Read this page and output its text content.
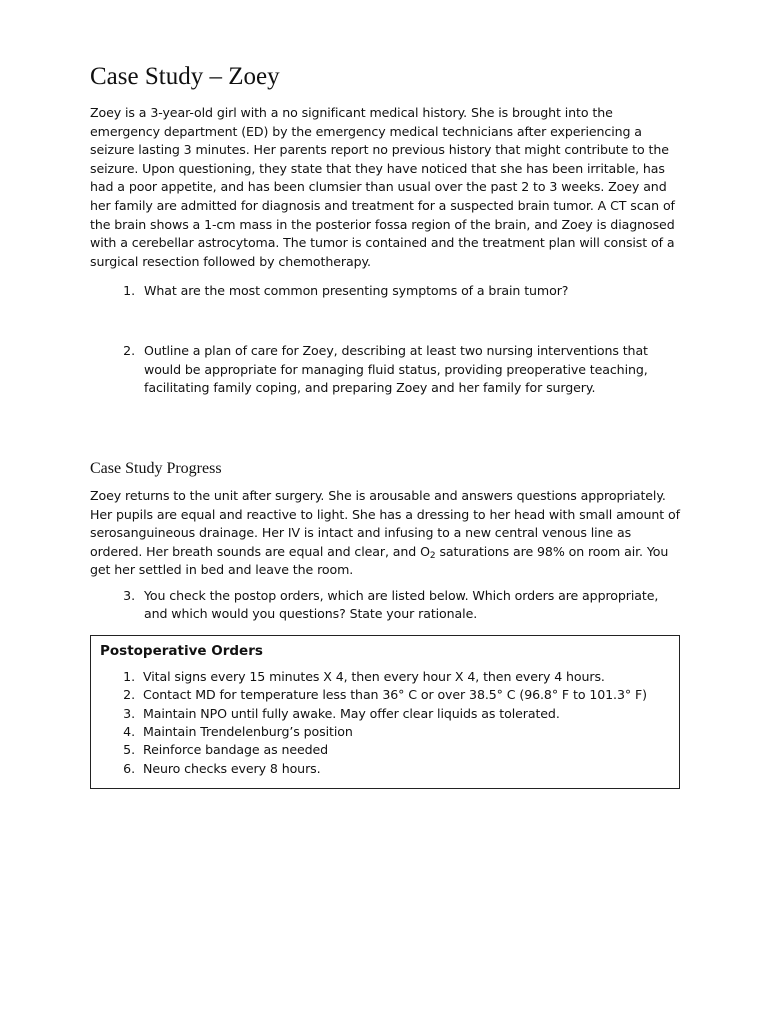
Case Study – Zoey

Zoey is a 3-year-old girl with a no significant medical history. She is brought into the emergency department (ED) by the emergency medical technicians after experiencing a seizure lasting 3 minutes. Her parents report no previous history that might contribute to the seizure. Upon questioning, they state that they have noticed that she has been irritable, has had a poor appetite, and has been clumsier than usual over the past 2 to 3 weeks. Zoey and her family are admitted for diagnosis and treatment for a suspected brain tumor. A CT scan of the brain shows a 1-cm mass in the posterior fossa region of the brain, and Zoey is diagnosed with a cerebellar astrocytoma. The tumor is contained and the treatment plan will consist of a surgical resection followed by chemotherapy.

1. What are the most common presenting symptoms of a brain tumor?
2. Outline a plan of care for Zoey, describing at least two nursing interventions that would be appropriate for managing fluid status, providing preoperative teaching, facilitating family coping, and preparing Zoey and her family for surgery.
Case Study Progress

Zoey returns to the unit after surgery. She is arousable and answers questions appropriately. Her pupils are equal and reactive to light. She has a dressing to her head with small amount of serosanguineous drainage. Her IV is intact and infusing to a new central venous line as ordered. Her breath sounds are equal and clear, and $O_2$ saturations are 98% on room air. You get her settled in bed and leave the room.

3. You check the postop orders, which are listed below. Which orders are appropriate, and which would you questions? State your rationale.
Postoperative Orders
1. Vital signs every 15 minutes X 4, then every hour X 4, then every 4 hours.
2. Contact MD for temperature less than 36° C or over 38.5° C (96.8° F to 101.3° F)
3. Maintain NPO until fully awake. May offer clear liquids as tolerated.
4. Maintain Trendelenburg’s position
5. Reinforce bandage as needed
6. Neuro checks every 8 hours.
